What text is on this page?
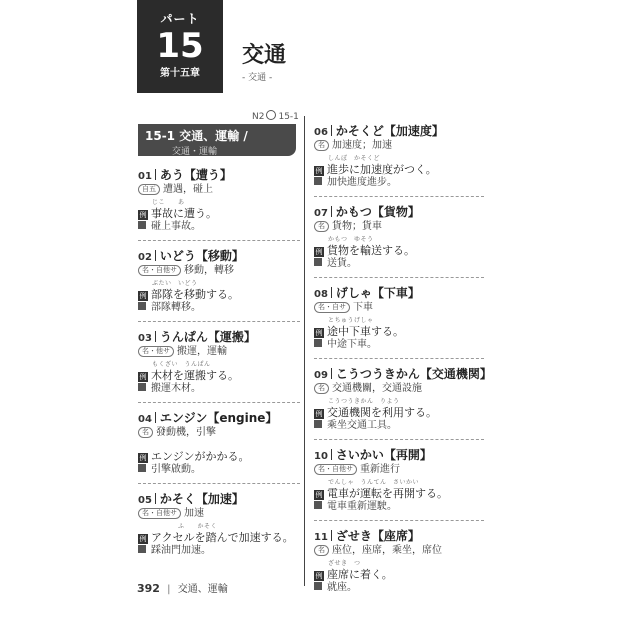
パート
15
第十五章
交通
- 交通 -
N2 15-1
15-1 交通、運輸 /
交通・運輸
01 あう【遭う】
自五 遭遇，碰上
じこ　　あ
例 事故に遭う。
碰上事故。
02 いどう【移動】
名・自他サ 移動，轉移
ぶたい　いどう
例 部隊を移動する。
部隊轉移。
03 うんぱん【運搬】
名・他サ 搬運，運輸
もくざい　うんぱん
例 木材を運搬する。
搬運木材。
04 エンジン【engine】
名 發動機，引擎
例 エンジンがかかる。
引擎啟動。
05 かそく【加速】
名・自他サ 加速
　　　　ふ　　かそく
例 アクセルを踏んで加速する。
踩油門加速。
06 かそくど【加速度】
名 加速度；加速
しんぽ　かそくど
例 進歩に加速度がつく。
加快進度進步。
07 かもつ【貨物】
名 貨物；貨車
かもつ　ゆそう
例 貨物を輸送する。
送貨。
08 げしゃ【下車】
名・自サ 下車
とちゅうげしゃ
例 途中下車する。
中途下車。
09 こうつうきかん【交通機関】
名 交通機關，交通設施
こうつうきかん　りよう
例 交通機関を利用する。
乘坐交通工具。
10 さいかい【再開】
名・自他サ 重新進行
でんしゃ　うんてん　さいかい
例 電車が運転を再開する。
電車重新運駛。
11 ざせき【座席】
名 座位，座席，乘坐，席位
ざせき　つ
例 座席に着く。
就座。
392 | 交通、運輸
